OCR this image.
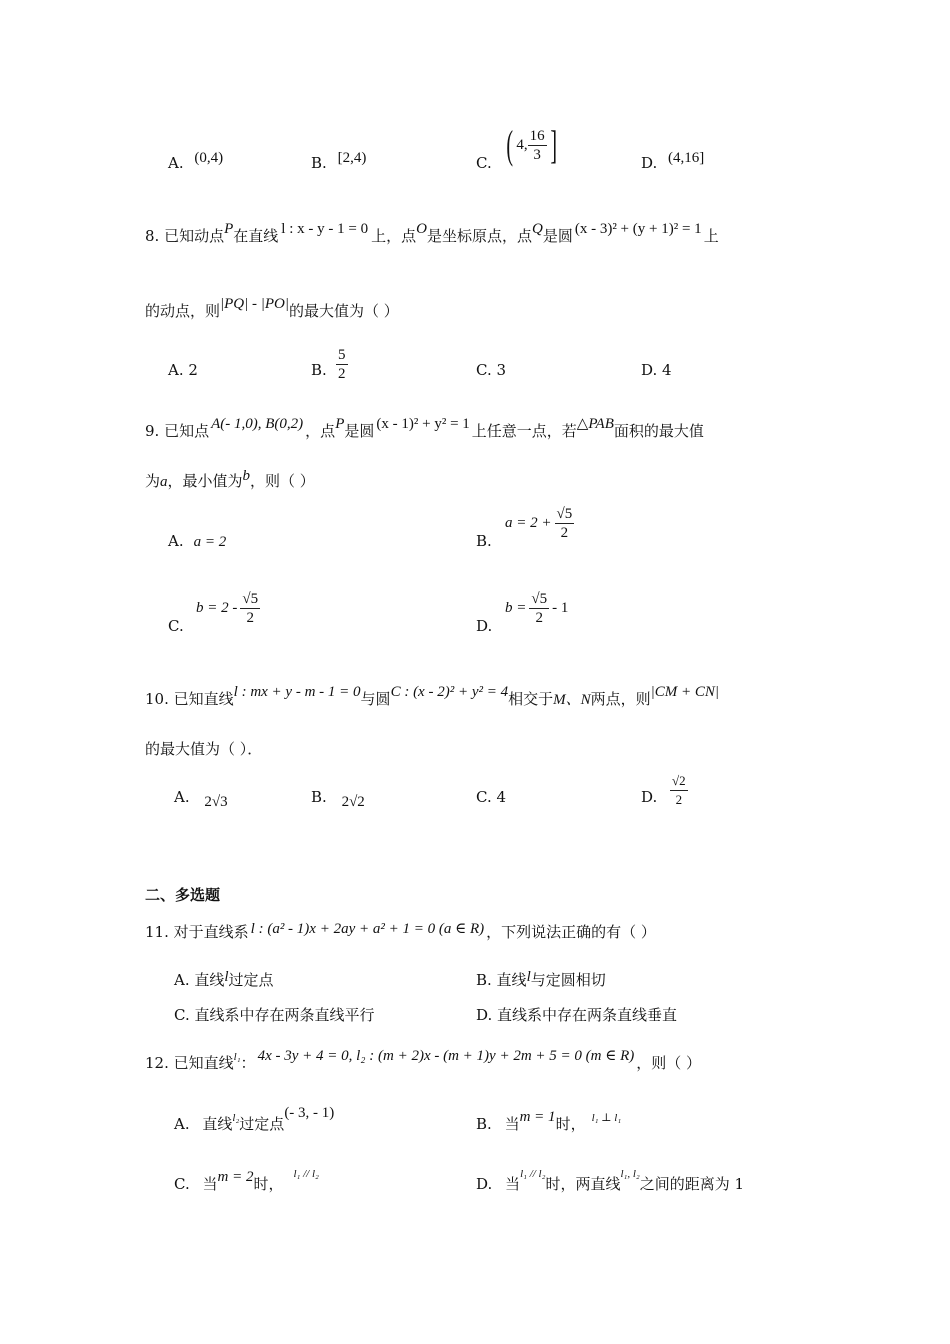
A. (0,4)	B. [2,4)	C. ( 4, $\frac{16}{3}$ ]	D. (4,16]
8. 已知动点P在直线 l : x - y - 1 = 0 上，点O是坐标原点，点Q是圆 (x - 3)² + (y + 1)² = 1 上
的动点，则|PQ| - |PO|的最大值为（ ）
A. 2	B. $\frac{5}{2}$	C. 3	D. 4
9. 已知点 A(- 1,0), B(0,2) ，点P是圆 (x - 1)² + y² = 1 上任意一点，若△PAB面积的最大值
为a，最小值为b，则（ ）
A. a = 2	B.
$a = 2 + \frac{√5}{2}$
C.
$b = 2 - \frac{√5}{2}$	D.
$b = \frac{√5}{2} - 1$
10. 已知直线l : mx + y - m - 1 = 0与圆C : (x - 2)² + y² = 4相交于M、N两点，则|CM + CN|
的最大值为（ ）．
A. 2√3	B. 2√2	C. 4	D. $\frac{√2}{2}$
二、多选题
11. 对于直线系 l : (a² - 1)x + 2ay + a² + 1 = 0 (a ∈ R) ，下列说法正确的有（ ）
A. 直线l过定点	B. 直线l与定圆相切
C. 直线系中存在两条直线平行	D. 直线系中存在两条直线垂直
12. 已知直线$^{l_1}$： 4x - 3y + 4 = 0, l₂ : (m + 2)x - (m + 1)y + 2m + 5 = 0 (m ∈ R) ，则（ ）
A. 直线$^{l_2}$过定点(- 3, - 1)
B. 当m = 1时， $^{l_1 \perp l_1}$
C. 当m = 2时，$^{l_1 // l_2}$
D. 当$^{l_1 // l_2}$时，两直线$^{l_1, l_2}$之间的距离为 1
